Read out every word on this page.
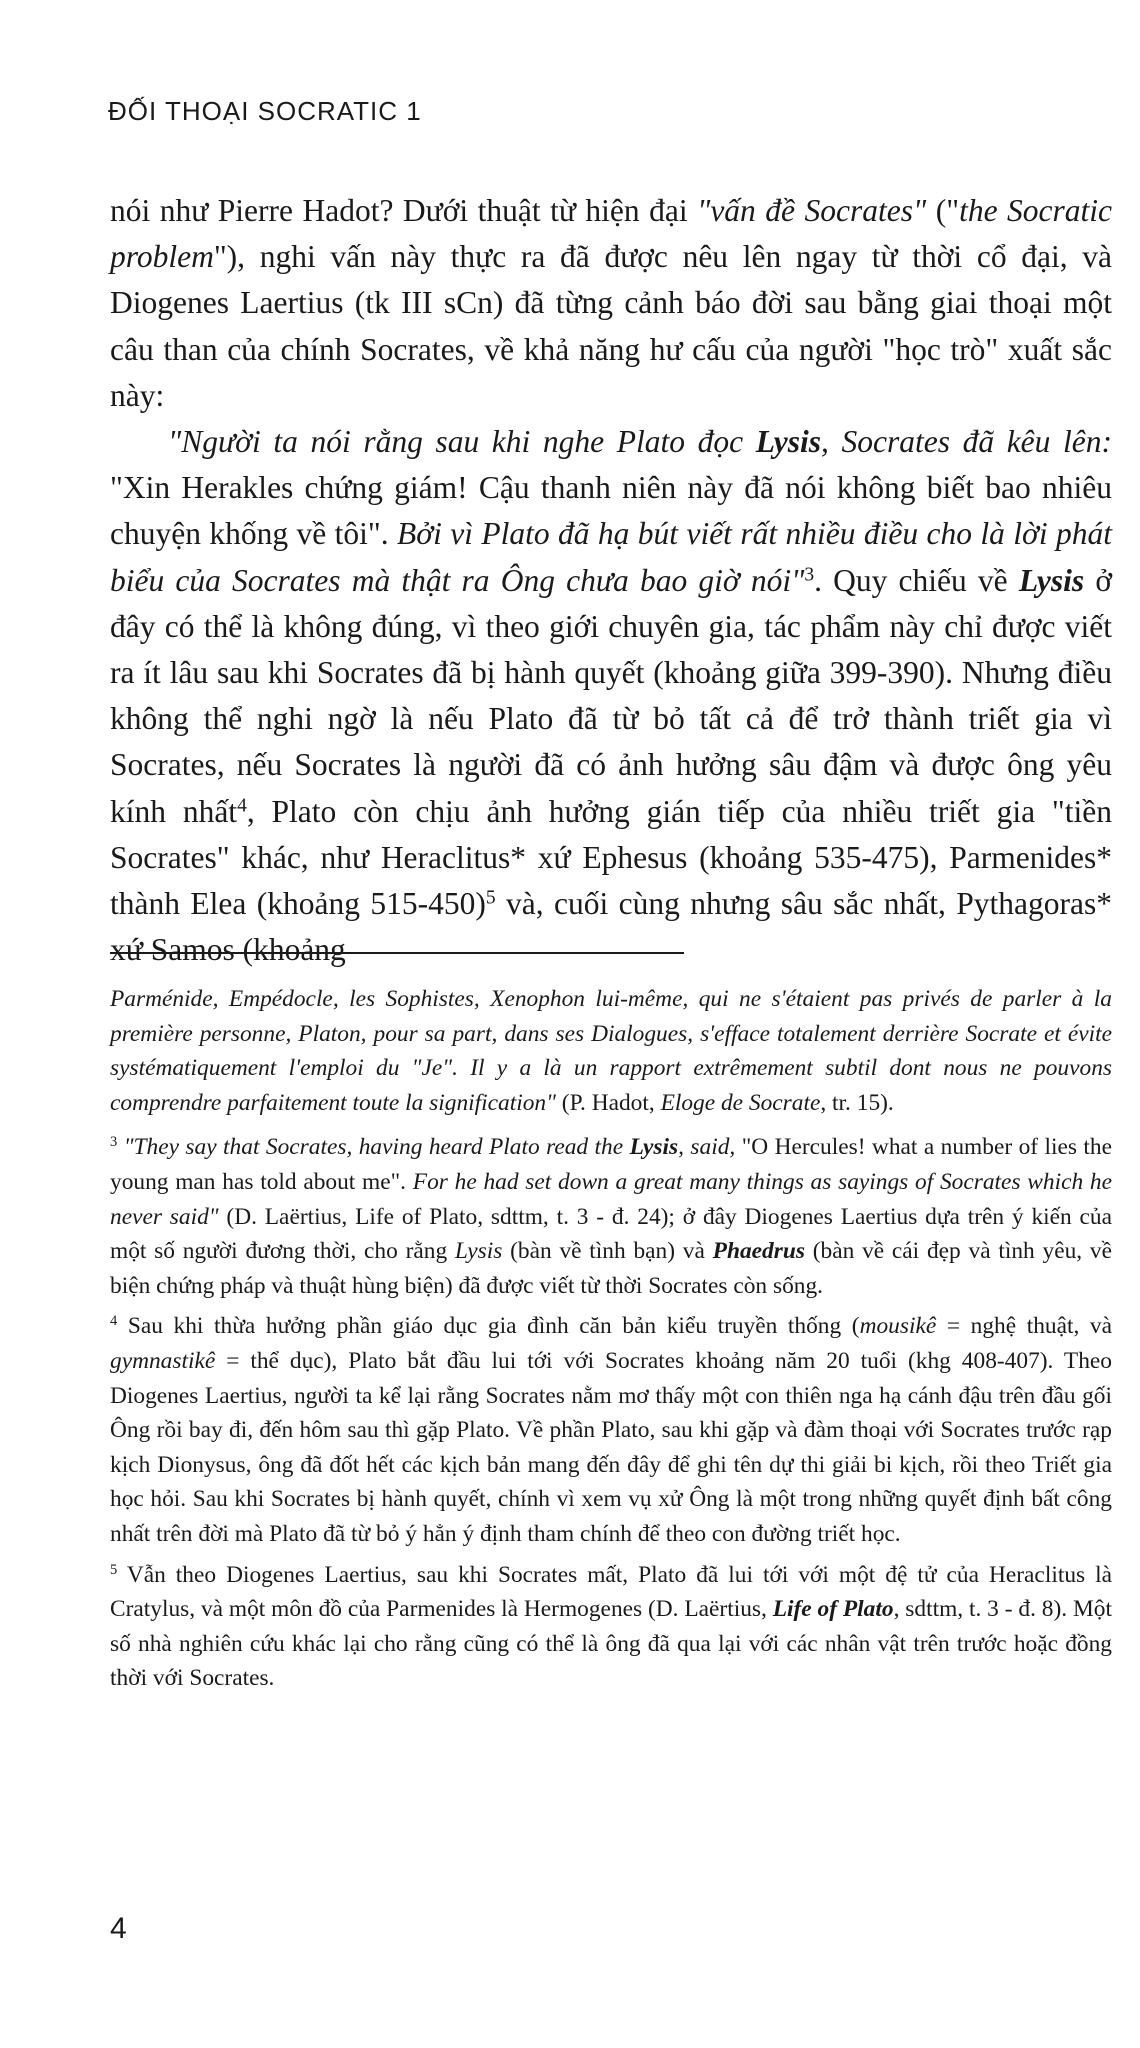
ĐỐI THOẠI SOCRATIC 1

nói như Pierre Hadot? Dưới thuật từ hiện đại "vấn đề Socrates" ("the Socratic problem"), nghi vấn này thực ra đã được nêu lên ngay từ thời cổ đại, và Diogenes Laertius (tk III sCn) đã từng cảnh báo đời sau bằng giai thoại một câu than của chính Socrates, về khả năng hư cấu của người "học trò" xuất sắc này:

"Người ta nói rằng sau khi nghe Plato đọc Lysis, Socrates đã kêu lên: "Xin Herakles chứng giám! Cậu thanh niên này đã nói không biết bao nhiêu chuyện khống về tôi". Bởi vì Plato đã hạ bút viết rất nhiều điều cho là lời phát biểu của Socrates mà thật ra Ông chưa bao giờ nói"$^3$. Quy chiếu về Lysis ở đây có thể là không đúng, vì theo giới chuyên gia, tác phẩm này chỉ được viết ra ít lâu sau khi Socrates đã bị hành quyết (khoảng giữa 399-390). Nhưng điều không thể nghi ngờ là nếu Plato đã từ bỏ tất cả để trở thành triết gia vì Socrates, nếu Socrates là người đã có ảnh hưởng sâu đậm và được ông yêu kính nhất$^4$, Plato còn chịu ảnh hưởng gián tiếp của nhiều triết gia "tiền Socrates" khác, như Heraclitus* xứ Ephesus (khoảng 535-475), Parmenides* thành Elea (khoảng 515-450)$^5$ và, cuối cùng nhưng sâu sắc nhất, Pythagoras* xứ Samos (khoảng

Parménide, Empédocle, les Sophistes, Xenophon lui-même, qui ne s'étaient pas privés de parler à la première personne, Platon, pour sa part, dans ses Dialogues, s'efface totalement derrière Socrate et évite systématiquement l'emploi du "Je". Il y a là un rapport extrêmement subtil dont nous ne pouvons comprendre parfaitement toute la signification" (P. Hadot, Eloge de Socrate, tr. 15).

$^3$ "They say that Socrates, having heard Plato read the Lysis, said, "O Hercules! what a number of lies the young man has told about me". For he had set down a great many things as sayings of Socrates which he never said" (D. Laërtius, Life of Plato, sdttm, t. 3 - đ. 24); ở đây Diogenes Laertius dựa trên ý kiến của một số người đương thời, cho rằng Lysis (bàn về tình bạn) và Phaedrus (bàn về cái đẹp và tình yêu, về biện chứng pháp và thuật hùng biện) đã được viết từ thời Socrates còn sống.

$^4$ Sau khi thừa hưởng phần giáo dục gia đình căn bản kiểu truyền thống (mousikê = nghệ thuật, và gymnastikê = thể dục), Plato bắt đầu lui tới với Socrates khoảng năm 20 tuổi (khg 408-407). Theo Diogenes Laertius, người ta kể lại rằng Socrates nằm mơ thấy một con thiên nga hạ cánh đậu trên đầu gối Ông rồi bay đi, đến hôm sau thì gặp Plato. Về phần Plato, sau khi gặp và đàm thoại với Socrates trước rạp kịch Dionysus, ông đã đốt hết các kịch bản mang đến đây để ghi tên dự thi giải bi kịch, rồi theo Triết gia học hỏi. Sau khi Socrates bị hành quyết, chính vì xem vụ xử Ông là một trong những quyết định bất công nhất trên đời mà Plato đã từ bỏ ý hẳn ý định tham chính để theo con đường triết học.

$^5$ Vẫn theo Diogenes Laertius, sau khi Socrates mất, Plato đã lui tới với một đệ tử của Heraclitus là Cratylus, và một môn đồ của Parmenides là Hermogenes (D. Laërtius, Life of Plato, sdttm, t. 3 - đ. 8). Một số nhà nghiên cứu khác lại cho rằng cũng có thể là ông đã qua lại với các nhân vật trên trước hoặc đồng thời với Socrates.

4
